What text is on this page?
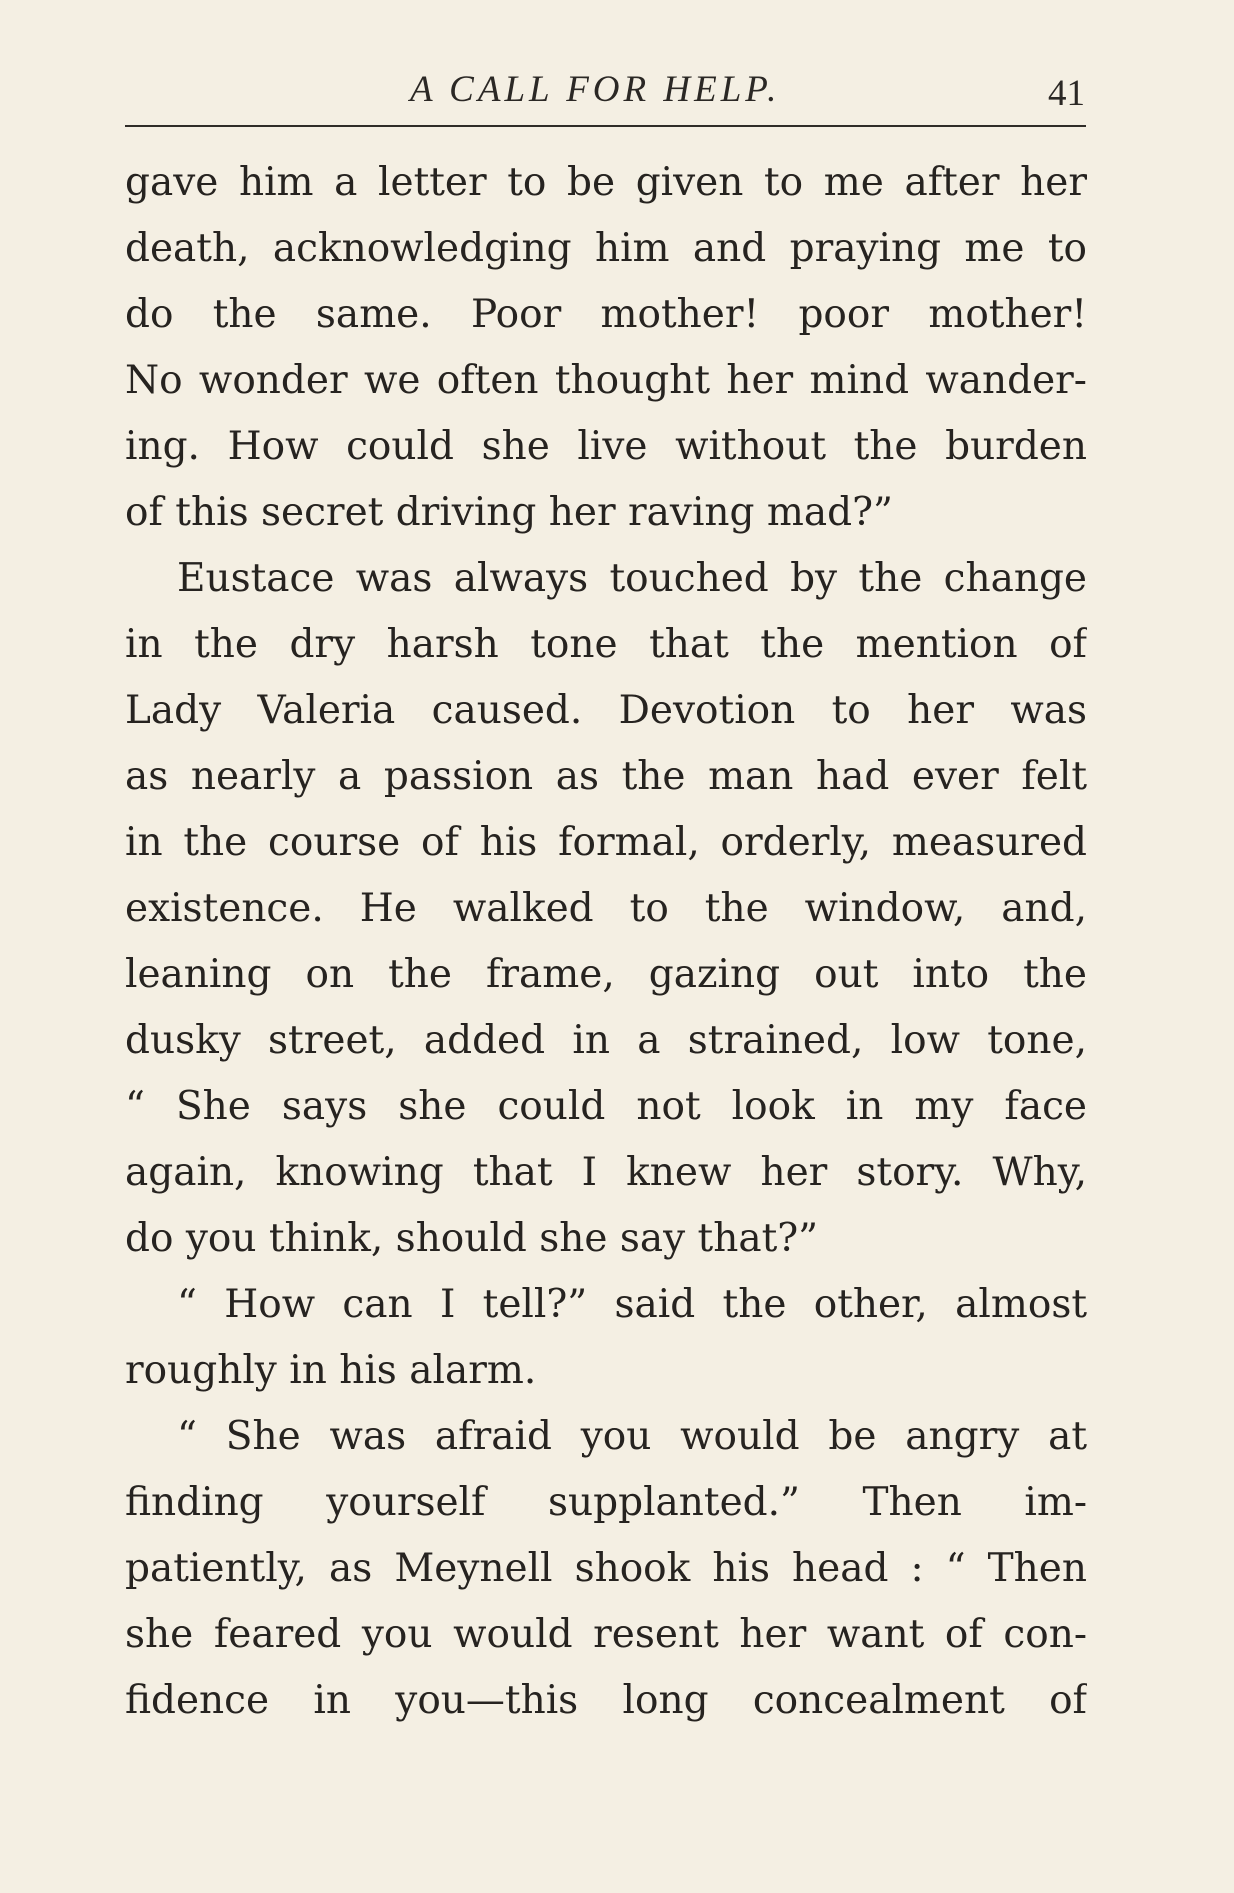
A CALL FOR HELP.	41
gave him a letter to be given to me after her
death, acknowledging him and praying me to
do the same. Poor mother! poor mother!
No wonder we often thought her mind wander-
ing. How could she live without the burden
of this secret driving her raving mad?”
Eustace was always touched by the change
in the dry harsh tone that the mention of
Lady Valeria caused. Devotion to her was
as nearly a passion as the man had ever felt
in the course of his formal, orderly, measured
existence. He walked to the window, and,
leaning on the frame, gazing out into the
dusky street, added in a strained, low tone,
“ She says she could not look in my face
again, knowing that I knew her story. Why,
do you think, should she say that?”
“ How can I tell?” said the other, almost
roughly in his alarm.
“ She was afraid you would be angry at
finding yourself supplanted.” Then im-
patiently, as Meynell shook his head : “ Then
she feared you would resent her want of con-
fidence in you—this long concealment of
